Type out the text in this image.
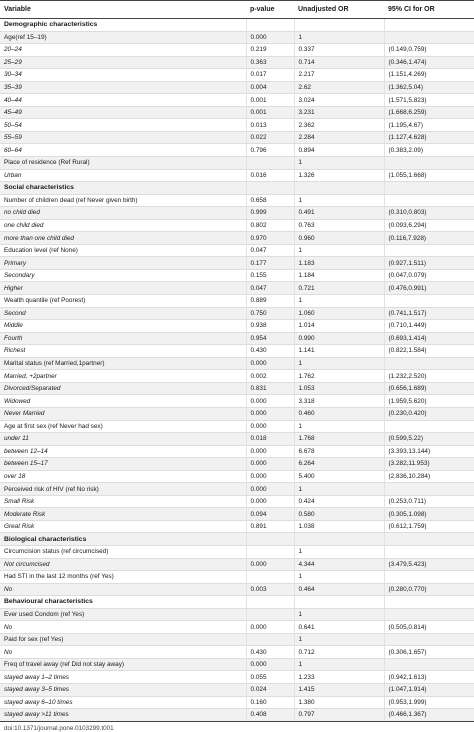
Variable	p-value	Unadjusted OR	95% CI for OR
Demographic characteristics			
Age(ref 15–19)	0.000	1	
20–24	0.219	0.337	(0.149,0.759)
25–29	0.363	0.714	(0.346,1.474)
30–34	0.017	2.217	(1.151,4.269)
35–39	0.004	2.62	(1.362,5.04)
40–44	0.001	3.024	(1.571,5.823)
45–49	0.001	3.231	(1.668,6.259)
50–54	0.013	2.362	(1.195,4.67)
55–59	0.022	2.284	(1.127,4.628)
60–64	0.796	0.894	(0.383,2.09)
Place of residence (Ref Rural)		1	
Urban	0.016	1.326	(1.055,1.668)
Social characteristics			
Number of children dead (ref Never given birth)	0.658	1	
no child died	0.999	0.491	(0.310,0.803)
one child died	0.802	0.763	(0.093,6.294)
more than one child died	0.970	0.960	(0.116,7.928)
Education level (ref None)	0.047	1	
Primary	0.177	1.183	(0.927,1.511)
Secondary	0.155	1.184	(0.047,0.079)
Higher	0.047	0.721	(0.476,0.991)
Wealth quantile (ref Poorest)	0.889	1	
Second	0.750	1.060	(0.741,1.517)
Middle	0.938	1.014	(0.710,1.449)
Fourth	0.954	0.990	(0.693,1.414)
Richest	0.430	1.141	(0.822,1.584)
Marital status (ref Married,1partner)	0.000	1	
Married, +2partner	0.002	1.762	(1.232,2.520)
Divorced/Separated	0.831	1.053	(0.656,1.689)
Widowed	0.000	3.318	(1.959,5.620)
Never Married	0.000	0.460	(0.230,0.420)
Age at first sex (ref Never had sex)	0.000	1	
under 11	0.018	1.768	(0.599,5.22)
between 12–14	0.000	6.678	(3.393,13.144)
between 15–17	0.000	6.264	(3.282,11.953)
over 18	0.000	5.400	(2.836,10.284)
Perceived risk of HIV (ref No risk)	0.000	1	
Small Risk	0.000	0.424	(0.253,0.711)
Moderate Risk	0.094	0.580	(0.305,1.098)
Great Risk	0.891	1.038	(0.612,1.759)
Biological characteristics			
Circumcision status (ref circumcised)		1	
Not circumcised	0.000	4.344	(3.479,5.423)
Had STI in the last 12 months (ref Yes)		1	
No	0.003	0.464	(0.280,0.770)
Behavioural characteristics			
Ever used Condom (ref Yes)		1	
No	0.000	0.641	(0.505,0.814)
Paid for sex (ref Yes)		1	
No	0.430	0.712	(0.306,1.657)
Freq of travel away (ref Did not stay away)	0.000	1	
stayed away 1–2 times	0.055	1.233	(0.942,1.613)
stayed away 3–5 times	0.024	1.415	(1.047,1.914)
stayed away 6–10 times	0.160	1.380	(0.953,1.999)
stayed away >11 times	0.408	0.797	(0.466,1.367)
doi:10.1371/journal.pone.0103299.t001
